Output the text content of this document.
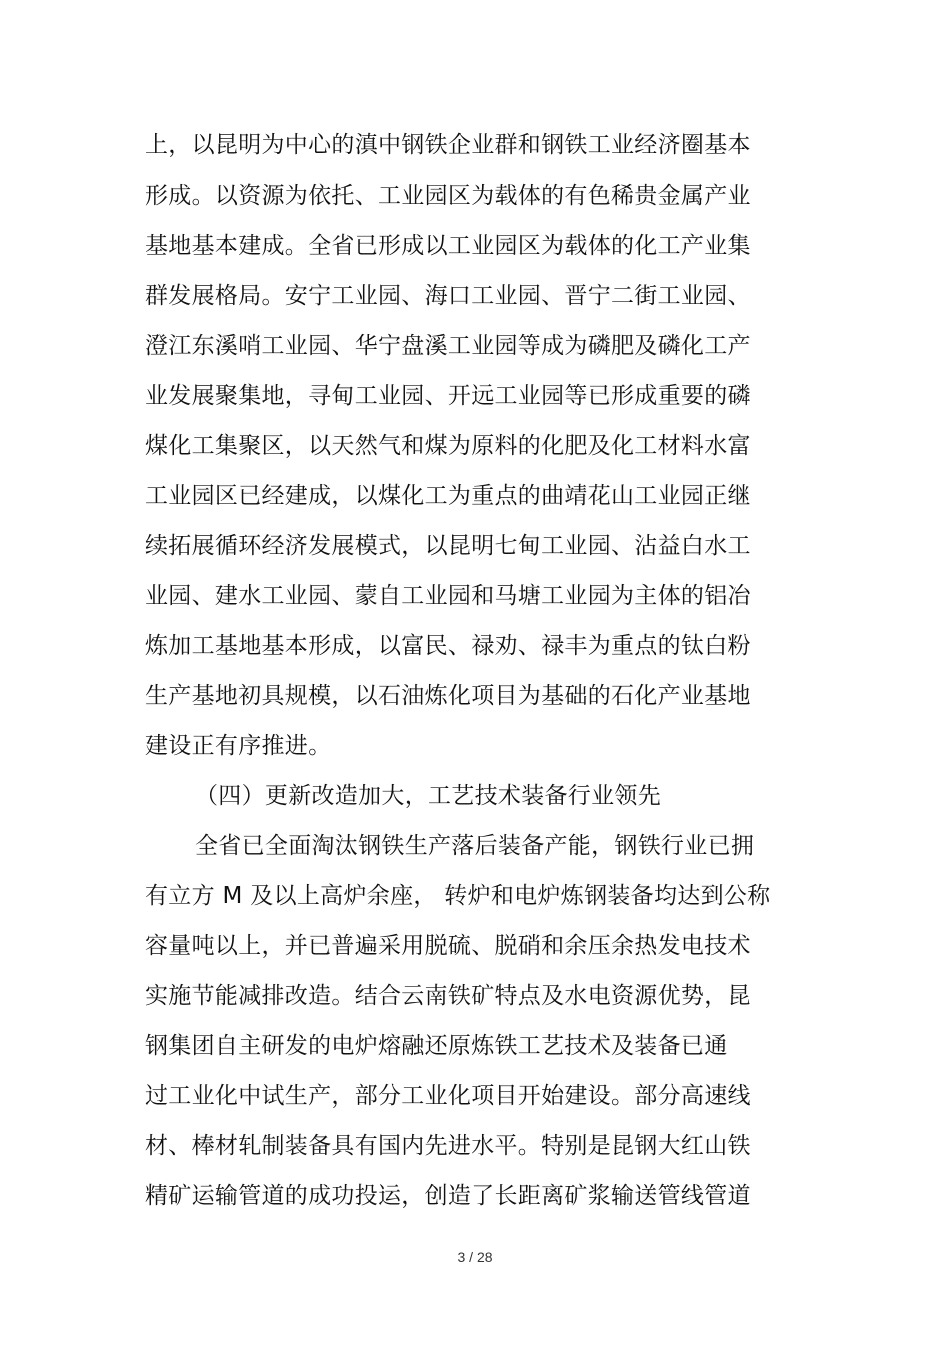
上，以昆明为中心的滇中钢铁企业群和钢铁工业经济圈基本
形成。以资源为依托、工业园区为载体的有色稀贵金属产业
基地基本建成。全省已形成以工业园区为载体的化工产业集
群发展格局。安宁工业园、海口工业园、晋宁二街工业园、
澄江东溪哨工业园、华宁盘溪工业园等成为磷肥及磷化工产
业发展聚集地，寻甸工业园、开远工业园等已形成重要的磷
煤化工集聚区，以天然气和煤为原料的化肥及化工材料水富
工业园区已经建成，以煤化工为重点的曲靖花山工业园正继
续拓展循环经济发展模式，以昆明七甸工业园、沾益白水工
业园、建水工业园、蒙自工业园和马塘工业园为主体的铝冶
炼加工基地基本形成，以富民、禄劝、禄丰为重点的钛白粉
生产基地初具规模，以石油炼化项目为基础的石化产业基地
建设正有序推进。
（四）更新改造加大，工艺技术装备行业领先
全省已全面淘汰钢铁生产落后装备产能，钢铁行业已拥
有立方 M 及以上高炉余座， 转炉和电炉炼钢装备均达到公称
容量吨以上，并已普遍采用脱硫、脱硝和余压余热发电技术
实施节能减排改造。结合云南铁矿特点及水电资源优势，昆
钢集团自主研发的电炉熔融还原炼铁工艺技术及装备已通
过工业化中试生产，部分工业化项目开始建设。部分高速线
材、棒材轧制装备具有国内先进水平。特别是昆钢大红山铁
精矿运输管道的成功投运，创造了长距离矿浆输送管线管道
3 / 28
